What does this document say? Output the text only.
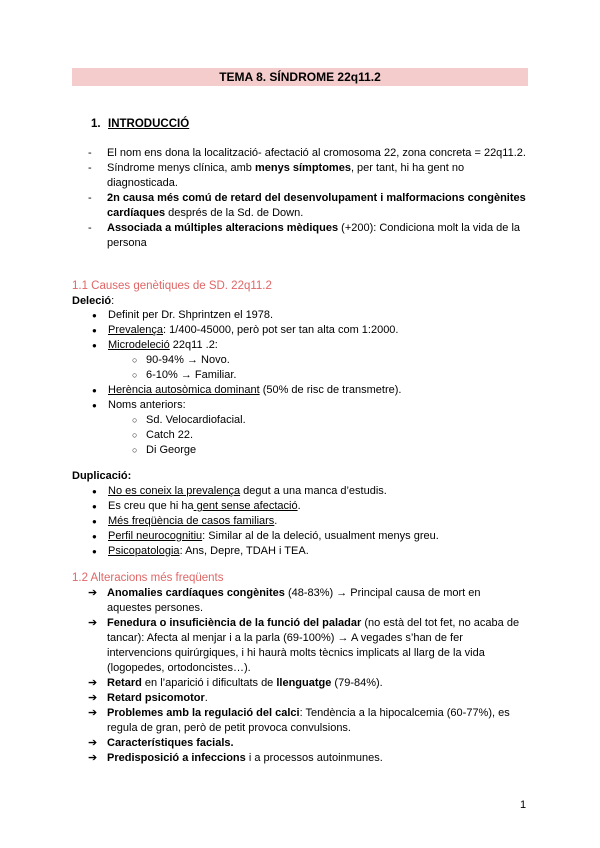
TEMA 8. SÍNDROME 22q11.2
1. INTRODUCCIÓ
- El nom ens dona la localització- afectació al cromosoma 22, zona concreta = 22q11.2.
- Síndrome menys clínica, amb menys símptomes, per tant, hi ha gent no diagnosticada.
- 2n causa més comú de retard del desenvolupament i malformacions congènites cardíaques després de la Sd. de Down.
- Associada a múltiples alteracions mèdiques (+200): Condiciona molt la vida de la persona
1.1 Causes genètiques de SD. 22q11.2
Deleció:
● Definit per Dr. Shprintzen el 1978.
● Prevalença: 1/400-45000, però pot ser tan alta com 1:2000.
● Microdeleció 22q11 .2:
○ 90-94% → Novo.
○ 6-10% → Familiar.
● Herència autosòmica dominant (50% de risc de transmetre).
● Noms anteriors:
○ Sd. Velocardiofacial.
○ Catch 22.
○ Di George
Duplicació:
● No es coneix la prevalença degut a una manca d’estudis.
● Es creu que hi ha gent sense afectació.
● Més freqüència de casos familiars.
● Perfil neurocognitiu: Similar al de la deleció, usualment menys greu.
● Psicopatologia: Ans, Depre, TDAH i TEA.
1.2 Alteracions més freqüents
➔ Anomalies cardíaques congènites (48-83%) → Principal causa de mort en aquestes persones.
➔ Fenedura o insuficiència de la funció del paladar (no està del tot fet, no acaba de tancar): Afecta al menjar i a la parla (69-100%) → A vegades s’han de fer intervencions quirúrgiques, i hi haurà molts tècnics implicats al llarg de la vida (logopedes, ortodoncistes…).
➔ Retard en l’aparició i dificultats de llenguatge (79-84%).
➔ Retard psicomotor.
➔ Problemes amb la regulació del calci: Tendència a la hipocalcemia (60-77%), es regula de gran, però de petit provoca convulsions.
➔ Característiques facials.
➔ Predisposició a infeccions i a processos autoinmunes.
1
